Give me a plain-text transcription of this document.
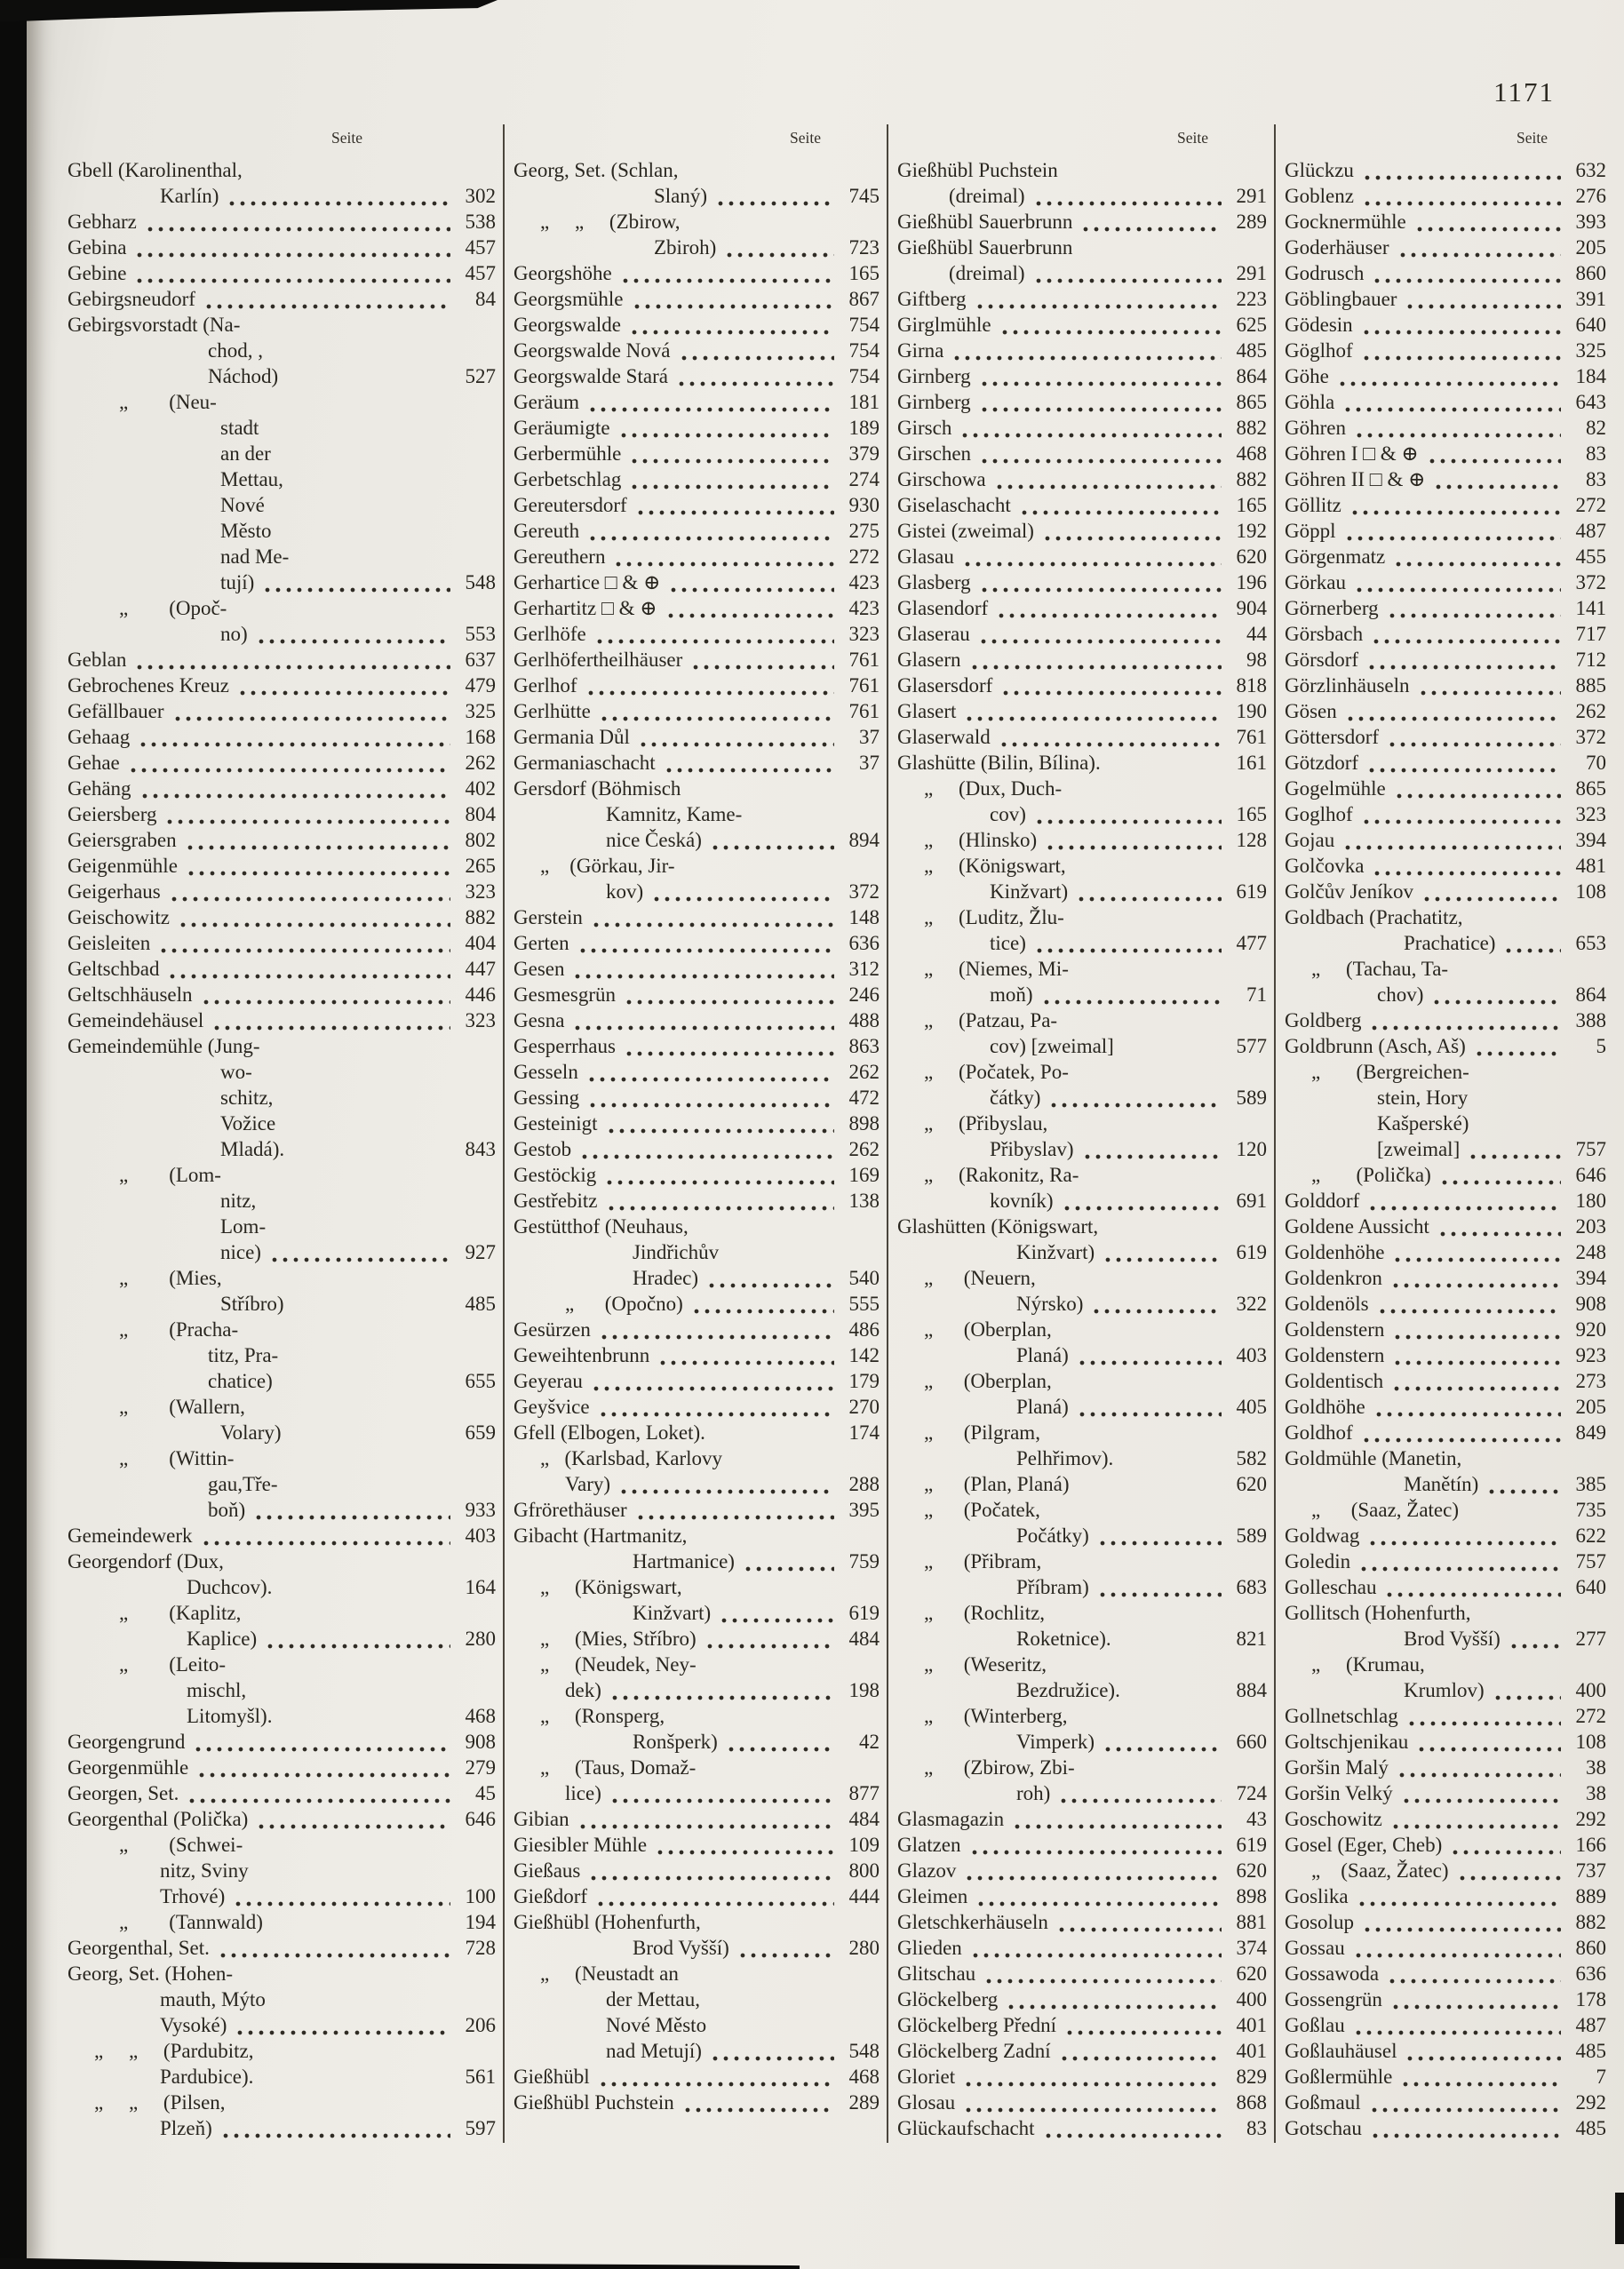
1171
Seite
Gbell (Karolinenthal,
Karlín)	302
Gebharz	538
Gebina	457
Gebine	457
Gebirgsneudorf	84
Gebirgsvorstadt (Na-
chod, ,
Náchod)	527
„        (Neu-
stadt
an der
Mettau,
Nové
Město
nad Me-
tují)	548
„        (Opoč-
no)	553
Geblan	637
Gebrochenes Kreuz	479
Gefällbauer	325
Gehaag	168
Gehae	262
Gehäng	402
Geiersberg	804
Geiersgraben	802
Geigenmühle	265
Geigerhaus	323
Geischowitz	882
Geisleiten	404
Geltschbad	447
Geltschhäuseln	446
Gemeindehäusel	323
Gemeindemühle (Jung-
wo-
schitz,
Vožice
Mladá).	843
„        (Lom-
nitz,
Lom-
nice)	927
„        (Mies,
Stříbro)	485
„        (Pracha-
titz, Pra-
chatice)	655
„        (Wallern,
Volary)	659
„        (Wittin-
gau,Tře-
boň)	933
Gemeindewerk	403
Georgendorf (Dux,
Duchcov).	164
„        (Kaplitz,
Kaplice)	280
„        (Leito-
mischl,
Litomyšl).	468
Georgengrund	908
Georgenmühle	279
Georgen, Set.	45
Georgenthal (Polička)	646
„        (Schwei-
nitz, Sviny
Trhové)	100
„        (Tannwald)	194
Georgenthal, Set.	728
Georg, Set. (Hohen-
mauth, Mýto
Vysoké)	206
„     „     (Pardubitz,
Pardubice).	561
„     „     (Pilsen,
Plzeň)	597
Seite
Georg, Set. (Schlan,
Slaný)	745
„     „     (Zbirow,
Zbiroh)	723
Georgshöhe	165
Georgsmühle	867
Georgswalde	754
Georgswalde Nová	754
Georgswalde Stará	754
Geräum	181
Geräumigte	189
Gerbermühle	379
Gerbetschlag	274
Gereutersdorf	930
Gereuth	275
Gereuthern	272
Gerhartice □ & ⊕	423
Gerhartitz □ & ⊕	423
Gerlhöfe	323
Gerlhöfertheilhäuser	761
Gerlhof	761
Gerlhütte	761
Germania Důl	37
Germaniaschacht	37
Gersdorf (Böhmisch
Kamnitz, Kame-
nice Česká)	894
„    (Görkau, Jir-
kov)	372
Gerstein	148
Gerten	636
Gesen	312
Gesmesgrün	246
Gesna	488
Gesperrhaus	863
Gesseln	262
Gessing	472
Gesteinigt	898
Gestob	262
Gestöckig	169
Gestřebitz	138
Gestütthof (Neuhaus,
Jindřichův
Hradec)	540
„      (Opočno)	555
Gesürzen	486
Geweihtenbrunn	142
Geyerau	179
Geyšvice	270
Gfell (Elbogen, Loket).	174
„   (Karlsbad, Karlovy
Vary)	288
Gfrörethäuser	395
Gibacht (Hartmanitz,
Hartmanice)	759
„     (Königswart,
Kinžvart)	619
„     (Mies, Stříbro)	484
„     (Neudek, Ney-
dek)	198
„     (Ronsperg,
Ronšperk)	42
„     (Taus, Domaž-
lice)	877
Gibian	484
Giesibler Mühle	109
Gießaus	800
Gießdorf	444
Gießhübl (Hohenfurth,
Brod Vyšší)	280
„     (Neustadt an
der Mettau,
Nové Město
nad Metují)	548
Gießhübl	468
Gießhübl Puchstein	289
Seite
Gießhübl Puchstein
(dreimal)	291
Gießhübl Sauerbrunn	289
Gießhübl Sauerbrunn
(dreimal)	291
Giftberg	223
Girglmühle	625
Girna	485
Girnberg	864
Girnberg	865
Girsch	882
Girschen	468
Girschowa	882
Giselaschacht	165
Gistei (zweimal)	192
Glasau	620
Glasberg	196
Glasendorf	904
Glaserau	44
Glasern	98
Glasersdorf	818
Glasert	190
Glaserwald	761
Glashütte (Bilin, Bílina).	161
„     (Dux, Duch-
cov)	165
„     (Hlinsko)	128
„     (Königswart,
Kinžvart)	619
„     (Luditz, Žlu-
tice)	477
„     (Niemes, Mi-
moň)	71
„     (Patzau, Pa-
cov) [zweimal]	577
„     (Počatek, Po-
čátky)	589
„     (Přibyslau,
Přibyslav)	120
„     (Rakonitz, Ra-
kovník)	691
Glashütten (Königswart,
Kinžvart)	619
„      (Neuern,
Nýrsko)	322
„      (Oberplan,
Planá)	403
„      (Oberplan,
Planá)	405
„      (Pilgram,
Pelhřimov).	582
„      (Plan, Planá)	620
„      (Počatek,
Počátky)	589
„      (Přibram,
Příbram)	683
„      (Rochlitz,
Roketnice).	821
„      (Weseritz,
Bezdružice).	884
„      (Winterberg,
Vimperk)	660
„      (Zbirow, Zbi-
roh)	724
Glasmagazin	43
Glatzen	619
Glazov	620
Gleimen	898
Gletschkerhäuseln	881
Glieden	374
Glitschau	620
Glöckelberg	400
Glöckelberg Přední	401
Glöckelberg Zadní	401
Gloriet	829
Glosau	868
Glückaufschacht	83
Seite
Glückzu	632
Goblenz	276
Gocknermühle	393
Goderhäuser	205
Godrusch	860
Göblingbauer	391
Gödesin	640
Göglhof	325
Göhe	184
Göhla	643
Göhren	82
Göhren I □ & ⊕	83
Göhren II □ & ⊕	83
Göllitz	272
Göppl	487
Görgenmatz	455
Görkau	372
Görnerberg	141
Görsbach	717
Görsdorf	712
Görzlinhäuseln	885
Gösen	262
Göttersdorf	372
Götzdorf	70
Gogelmühle	865
Goglhof	323
Gojau	394
Golčovka	481
Golčův Jeníkov	108
Goldbach (Prachatitz,
Prachatice)	653
„     (Tachau, Ta-
chov)	864
Goldberg	388
Goldbrunn (Asch, Aš)	5
„       (Bergreichen-
stein, Hory
Kašperské)
[zweimal]	757
„       (Polička)	646
Golddorf	180
Goldene Aussicht	203
Goldenhöhe	248
Goldenkron	394
Goldenöls	908
Goldenstern	920
Goldenstern	923
Goldentisch	273
Goldhöhe	205
Goldhof	849
Goldmühle (Manetin,
Manětín)	385
„      (Saaz, Žatec)	735
Goldwag	622
Goledin	757
Golleschau	640
Gollitsch (Hohenfurth,
Brod Vyšší)	277
„     (Krumau,
Krumlov)	400
Gollnetschlag	272
Goltschjenikau	108
Goršin Malý	38
Goršin Velký	38
Goschowitz	292
Gosel (Eger, Cheb)	166
„    (Saaz, Žatec)	737
Goslika	889
Gosolup	882
Gossau	860
Gossawoda	636
Gossengrün	178
Goßlau	487
Goßlauhäusel	485
Goßlermühle	7
Goßmaul	292
Gotschau	485
